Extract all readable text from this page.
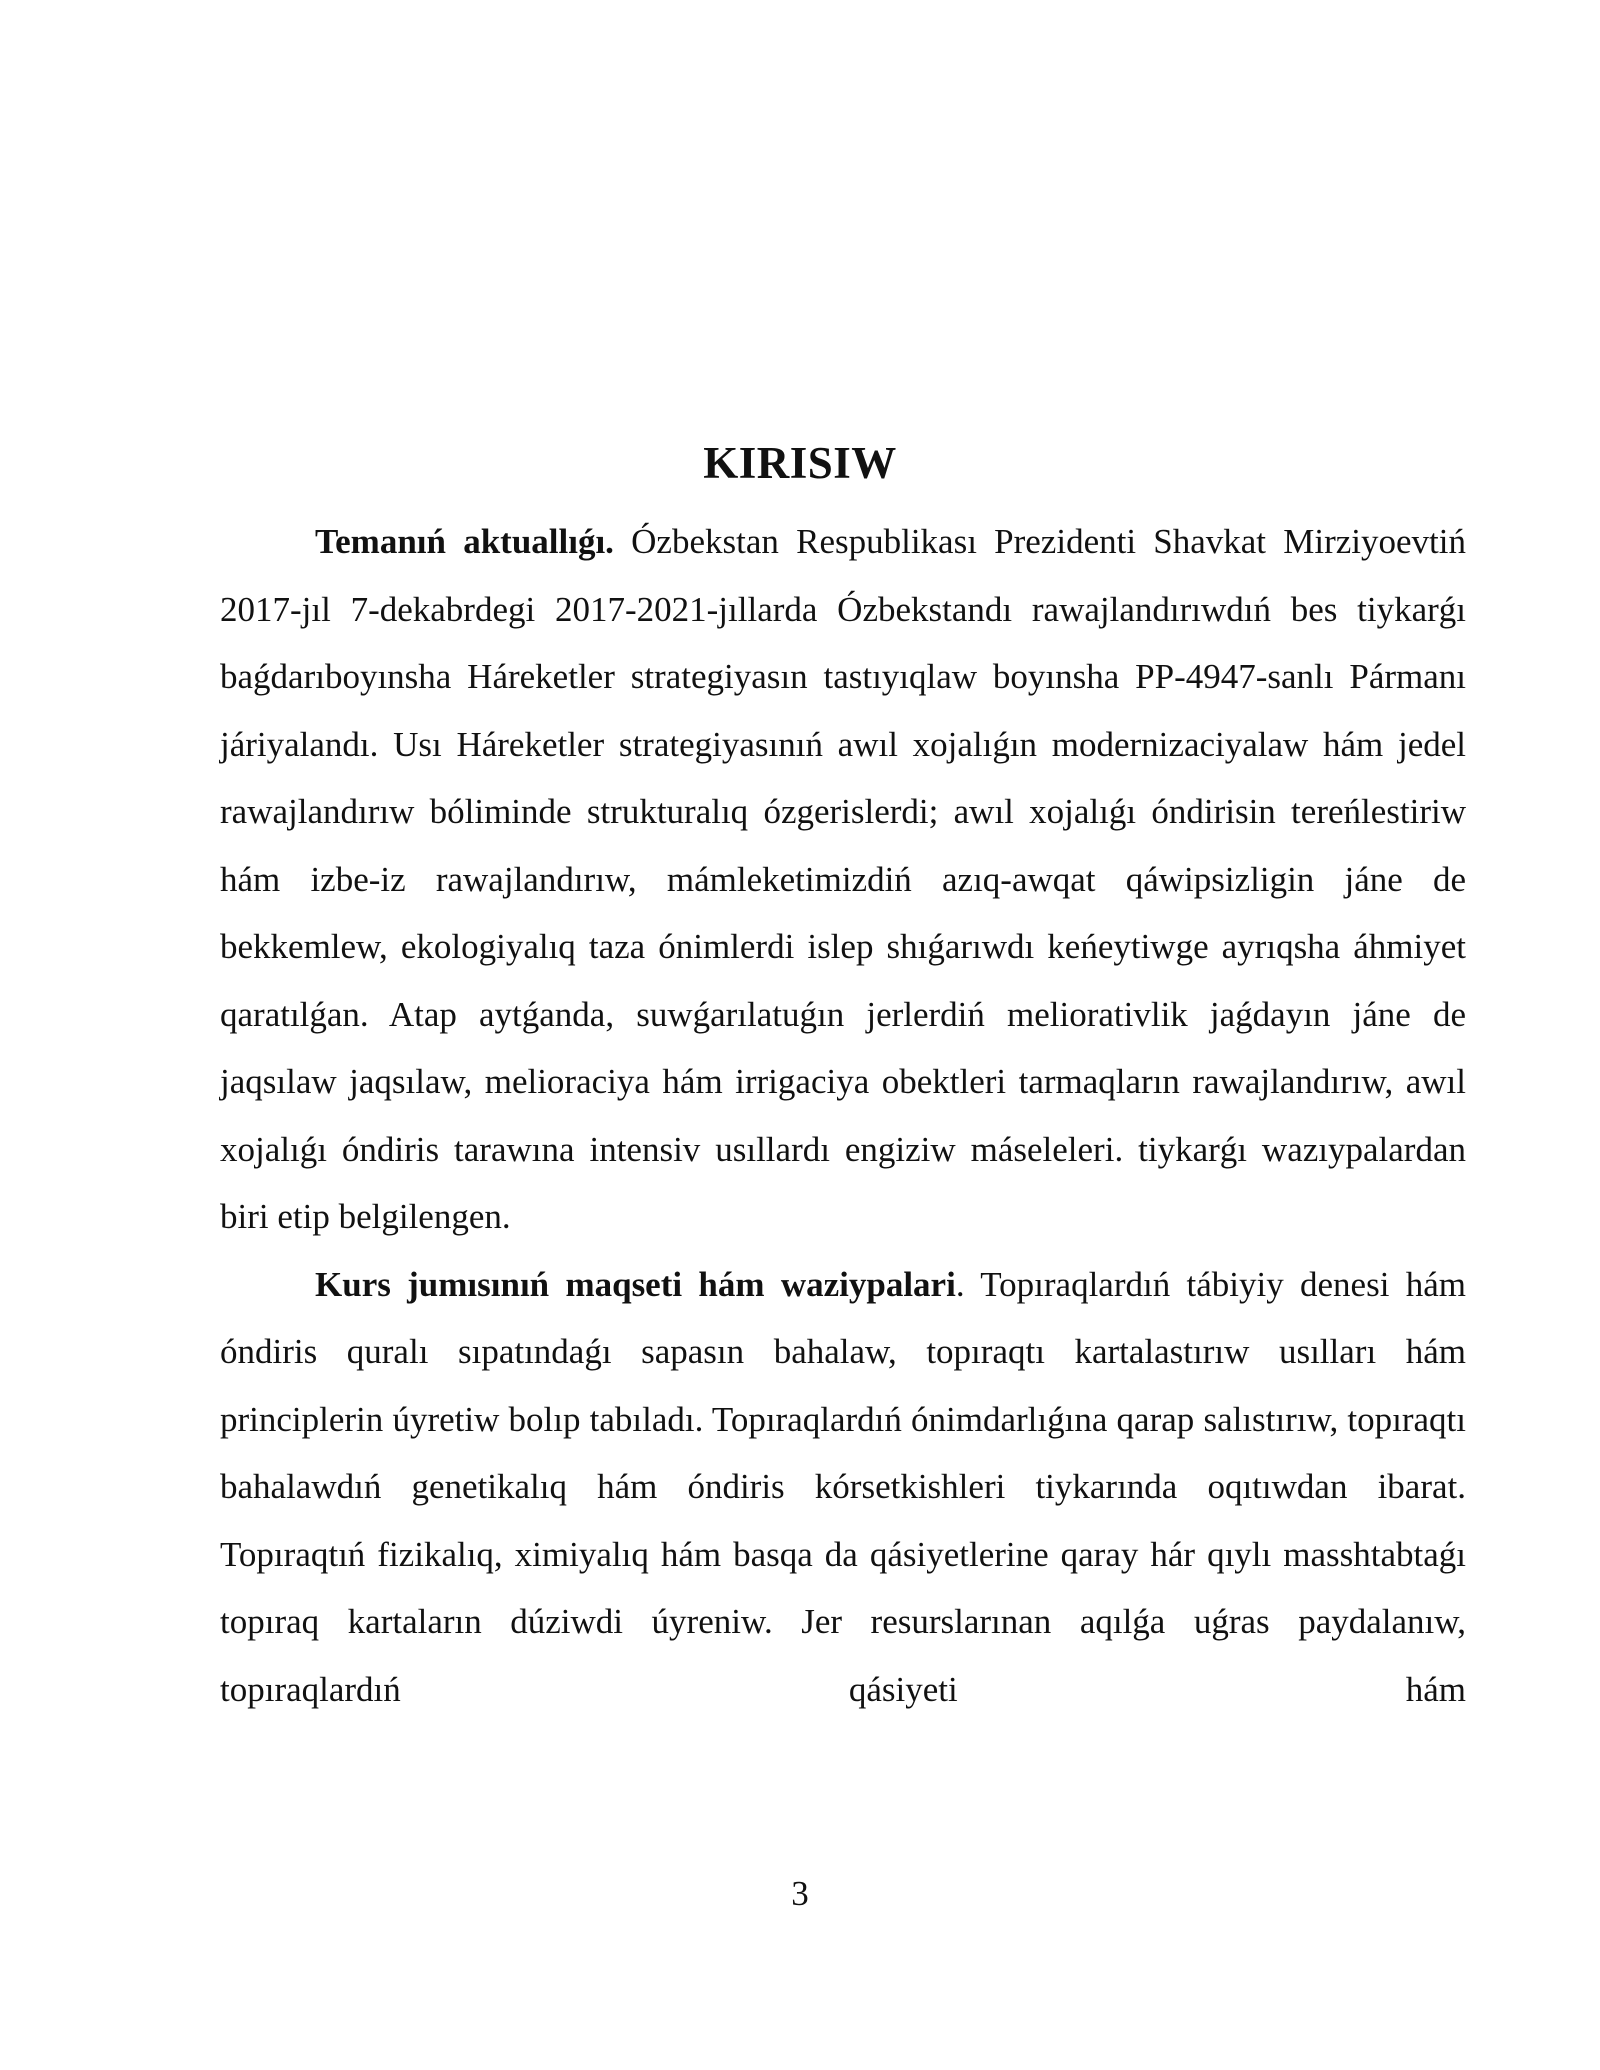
KIRISIW

Temanıń aktuallıǵı. Ózbekstan Respublikası Prezidenti Shavkat Mirziyoevtiń 2017-jıl 7-dekabrdegi 2017-2021-jıllarda Ózbekstandı rawajlandırıwdıń bes tiykarǵı baǵdarıboyınsha Háreketler strategiyasın tastıyıqlaw boyınsha PP-4947-sanlı Pármanı járiyalandı. Usı Háreketler strategiyasınıń awıl xojalıǵın modernizaciyalaw hám jedel rawajlandırıw bóliminde strukturalıq ózgerislerdi; awıl xojalıǵı óndirisin tereńlestiriw hám izbe-iz rawajlandırıw, mámleketimizdiń azıq-awqat qáwipsizligin jáne de bekkemlew, ekologiyalıq taza ónimlerdi islep shıǵarıwdı keńeytiwge ayrıqsha áhmiyet qaratılǵan. Atap aytǵanda, suwǵarılatuǵın jerlerdiń meliorativlik jaǵdayın jáne de jaqsılaw jaqsılaw, melioraciya hám irrigaciya obektleri tarmaqların rawajlandırıw, awıl xojalıǵı óndiris tarawına intensiv usıllardı engiziw máseleleri. tiykarǵı wazıypalardan biri etip belgilengen.

Kurs jumısınıń maqseti hám waziypalari. Topıraqlardıń tábiyiy denesi hám óndiris quralı sıpatındaǵı sapasın bahalaw, topıraqtı kartalastırıw usılları hám principlerin úyretiw bolıp tabıladı. Topıraqlardıń ónimdarlıǵına qarap salıstırıw, topıraqtı bahalawdıń genetikalıq hám óndiris kórsetkishleri tiykarında oqıtıwdan ibarat. Topıraqtıń fizikalıq, ximiyalıq hám basqa da qásiyetlerine qaray hár qıylı masshtabtaǵı topıraq kartaların dúziwdi úyreniw. Jer resurslarınan aqılǵa uǵras paydalanıw, topıraqlardıń qásiyeti hám

3
